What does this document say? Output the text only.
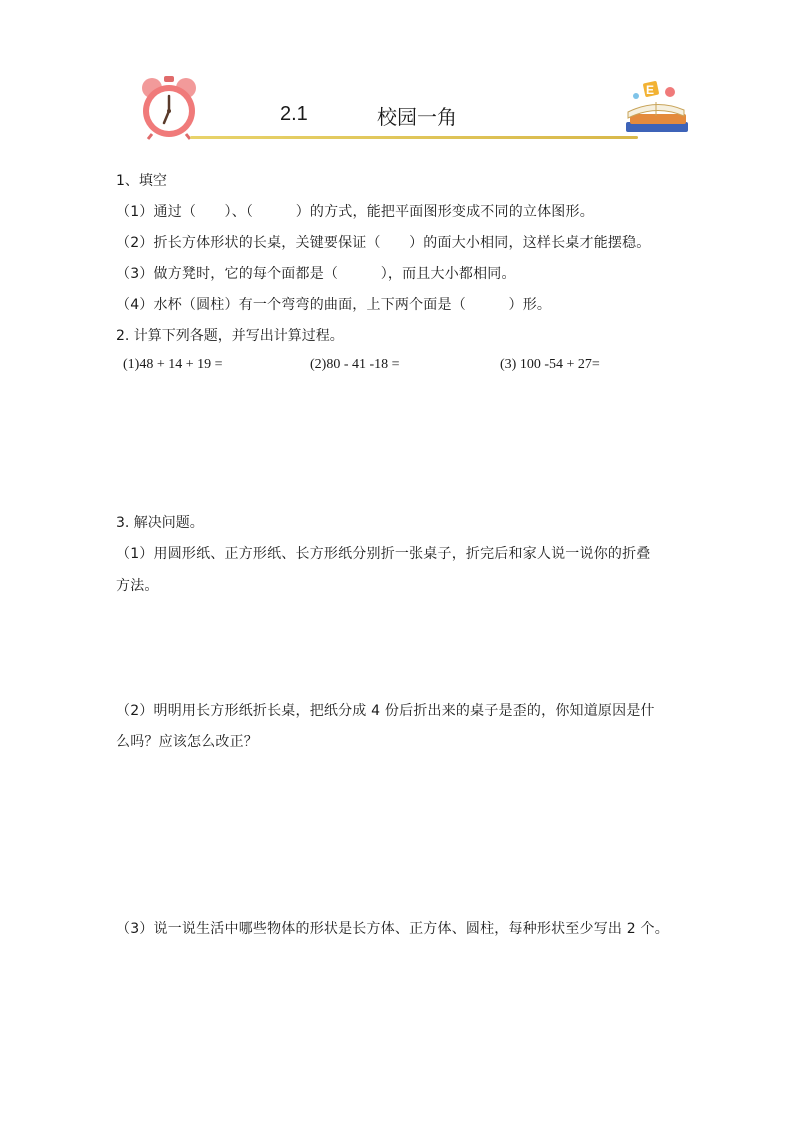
2.1	校园一角
E
1、填空
（1）通过（　　）、（　　　）的方式，能把平面图形变成不同的立体图形。
（2）折长方体形状的长桌，关键要保证（　　）的面大小相同，这样长桌才能摆稳。
（3）做方凳时，它的每个面都是（　　　），而且大小都相同。
（4）水杯（圆柱）有一个弯弯的曲面，上下两个面是（　　　）形。
2. 计算下列各题，并写出计算过程。
(1)48 + 14 + 19 =	(2)80 - 41 -18 =	(3) 100 -54 + 27=
3. 解决问题。
（1）用圆形纸、正方形纸、长方形纸分别折一张桌子，折完后和家人说一说你的折叠
方法。
（2）明明用长方形纸折长桌，把纸分成 4 份后折出来的桌子是歪的，你知道原因是什
么吗？应该怎么改正？
（3）说一说生活中哪些物体的形状是长方体、正方体、圆柱，每种形状至少写出 2 个。
